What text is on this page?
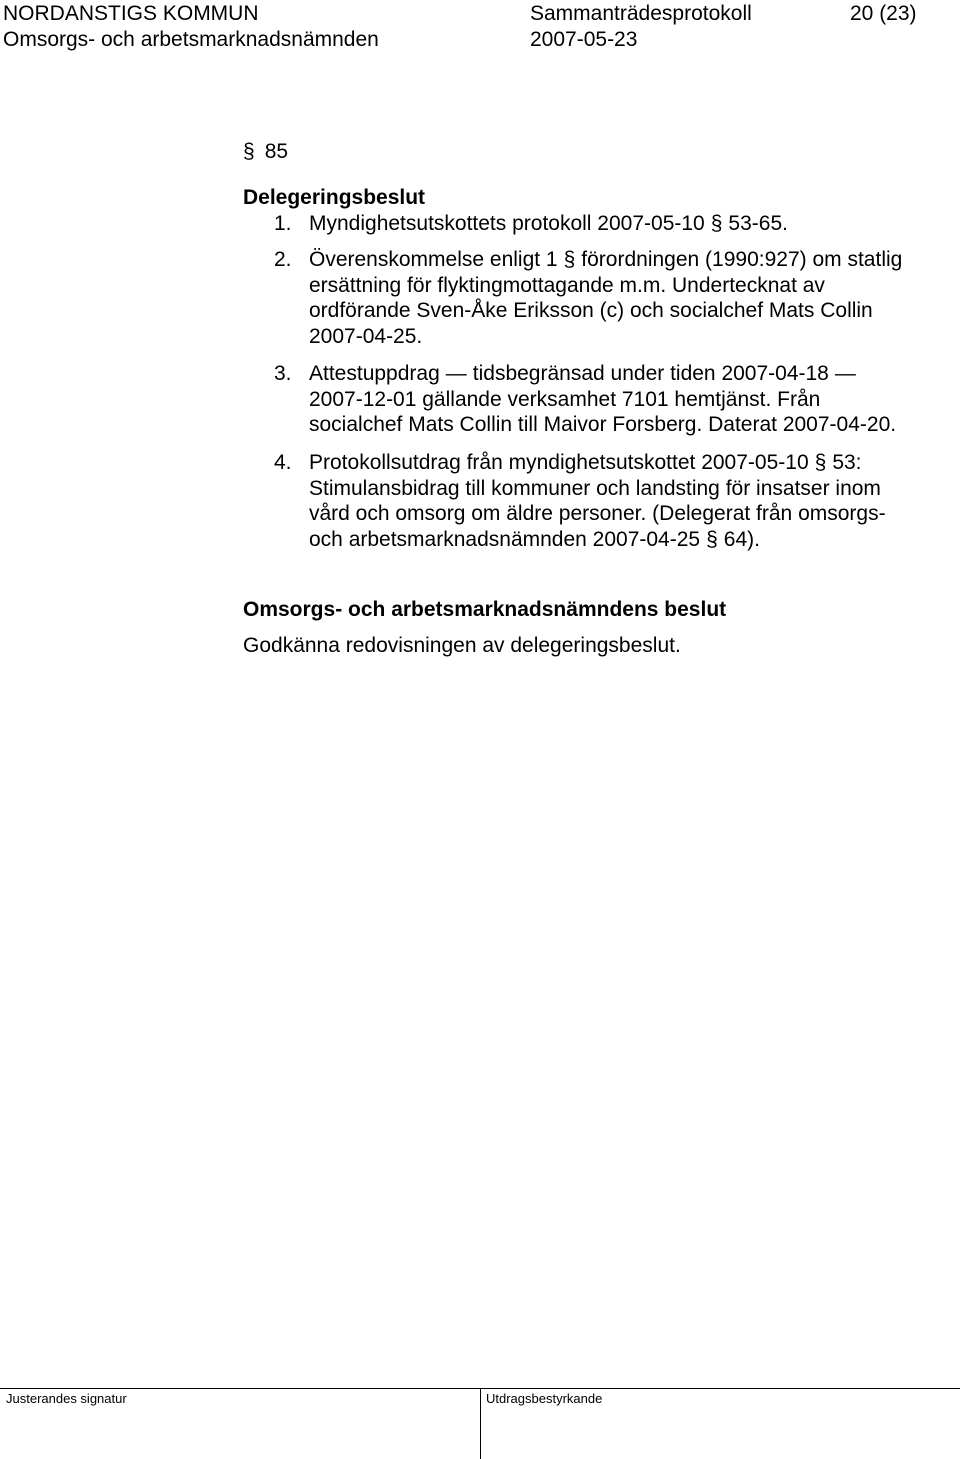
NORDANSTIGS KOMMUN	Sammanträdesprotokoll	20 (23)
Omsorgs- och arbetsmarknadsnämnden	2007-05-23
§ 85
Delegeringsbeslut
1. Myndighetsutskottets protokoll 2007-05-10 § 53-65.
2. Överenskommelse enligt 1 § förordningen (1990:927) om statlig
ersättning för flyktingmottagande m.m. Undertecknat av
ordförande Sven-Åke Eriksson (c) och socialchef Mats Collin
2007-04-25.
3. Attestuppdrag — tidsbegränsad under tiden 2007-04-18 —
2007-12-01 gällande verksamhet 7101 hemtjänst. Från
socialchef Mats Collin till Maivor Forsberg. Daterat 2007-04-20.
4. Protokollsutdrag från myndighetsutskottet 2007-05-10 § 53:
Stimulansbidrag till kommuner och landsting för insatser inom
vård och omsorg om äldre personer. (Delegerat från omsorgs-
och arbetsmarknadsnämnden 2007-04-25 § 64).
Omsorgs- och arbetsmarknadsnämndens beslut
Godkänna redovisningen av delegeringsbeslut.
Justerandes signatur	Utdragsbestyrkande
